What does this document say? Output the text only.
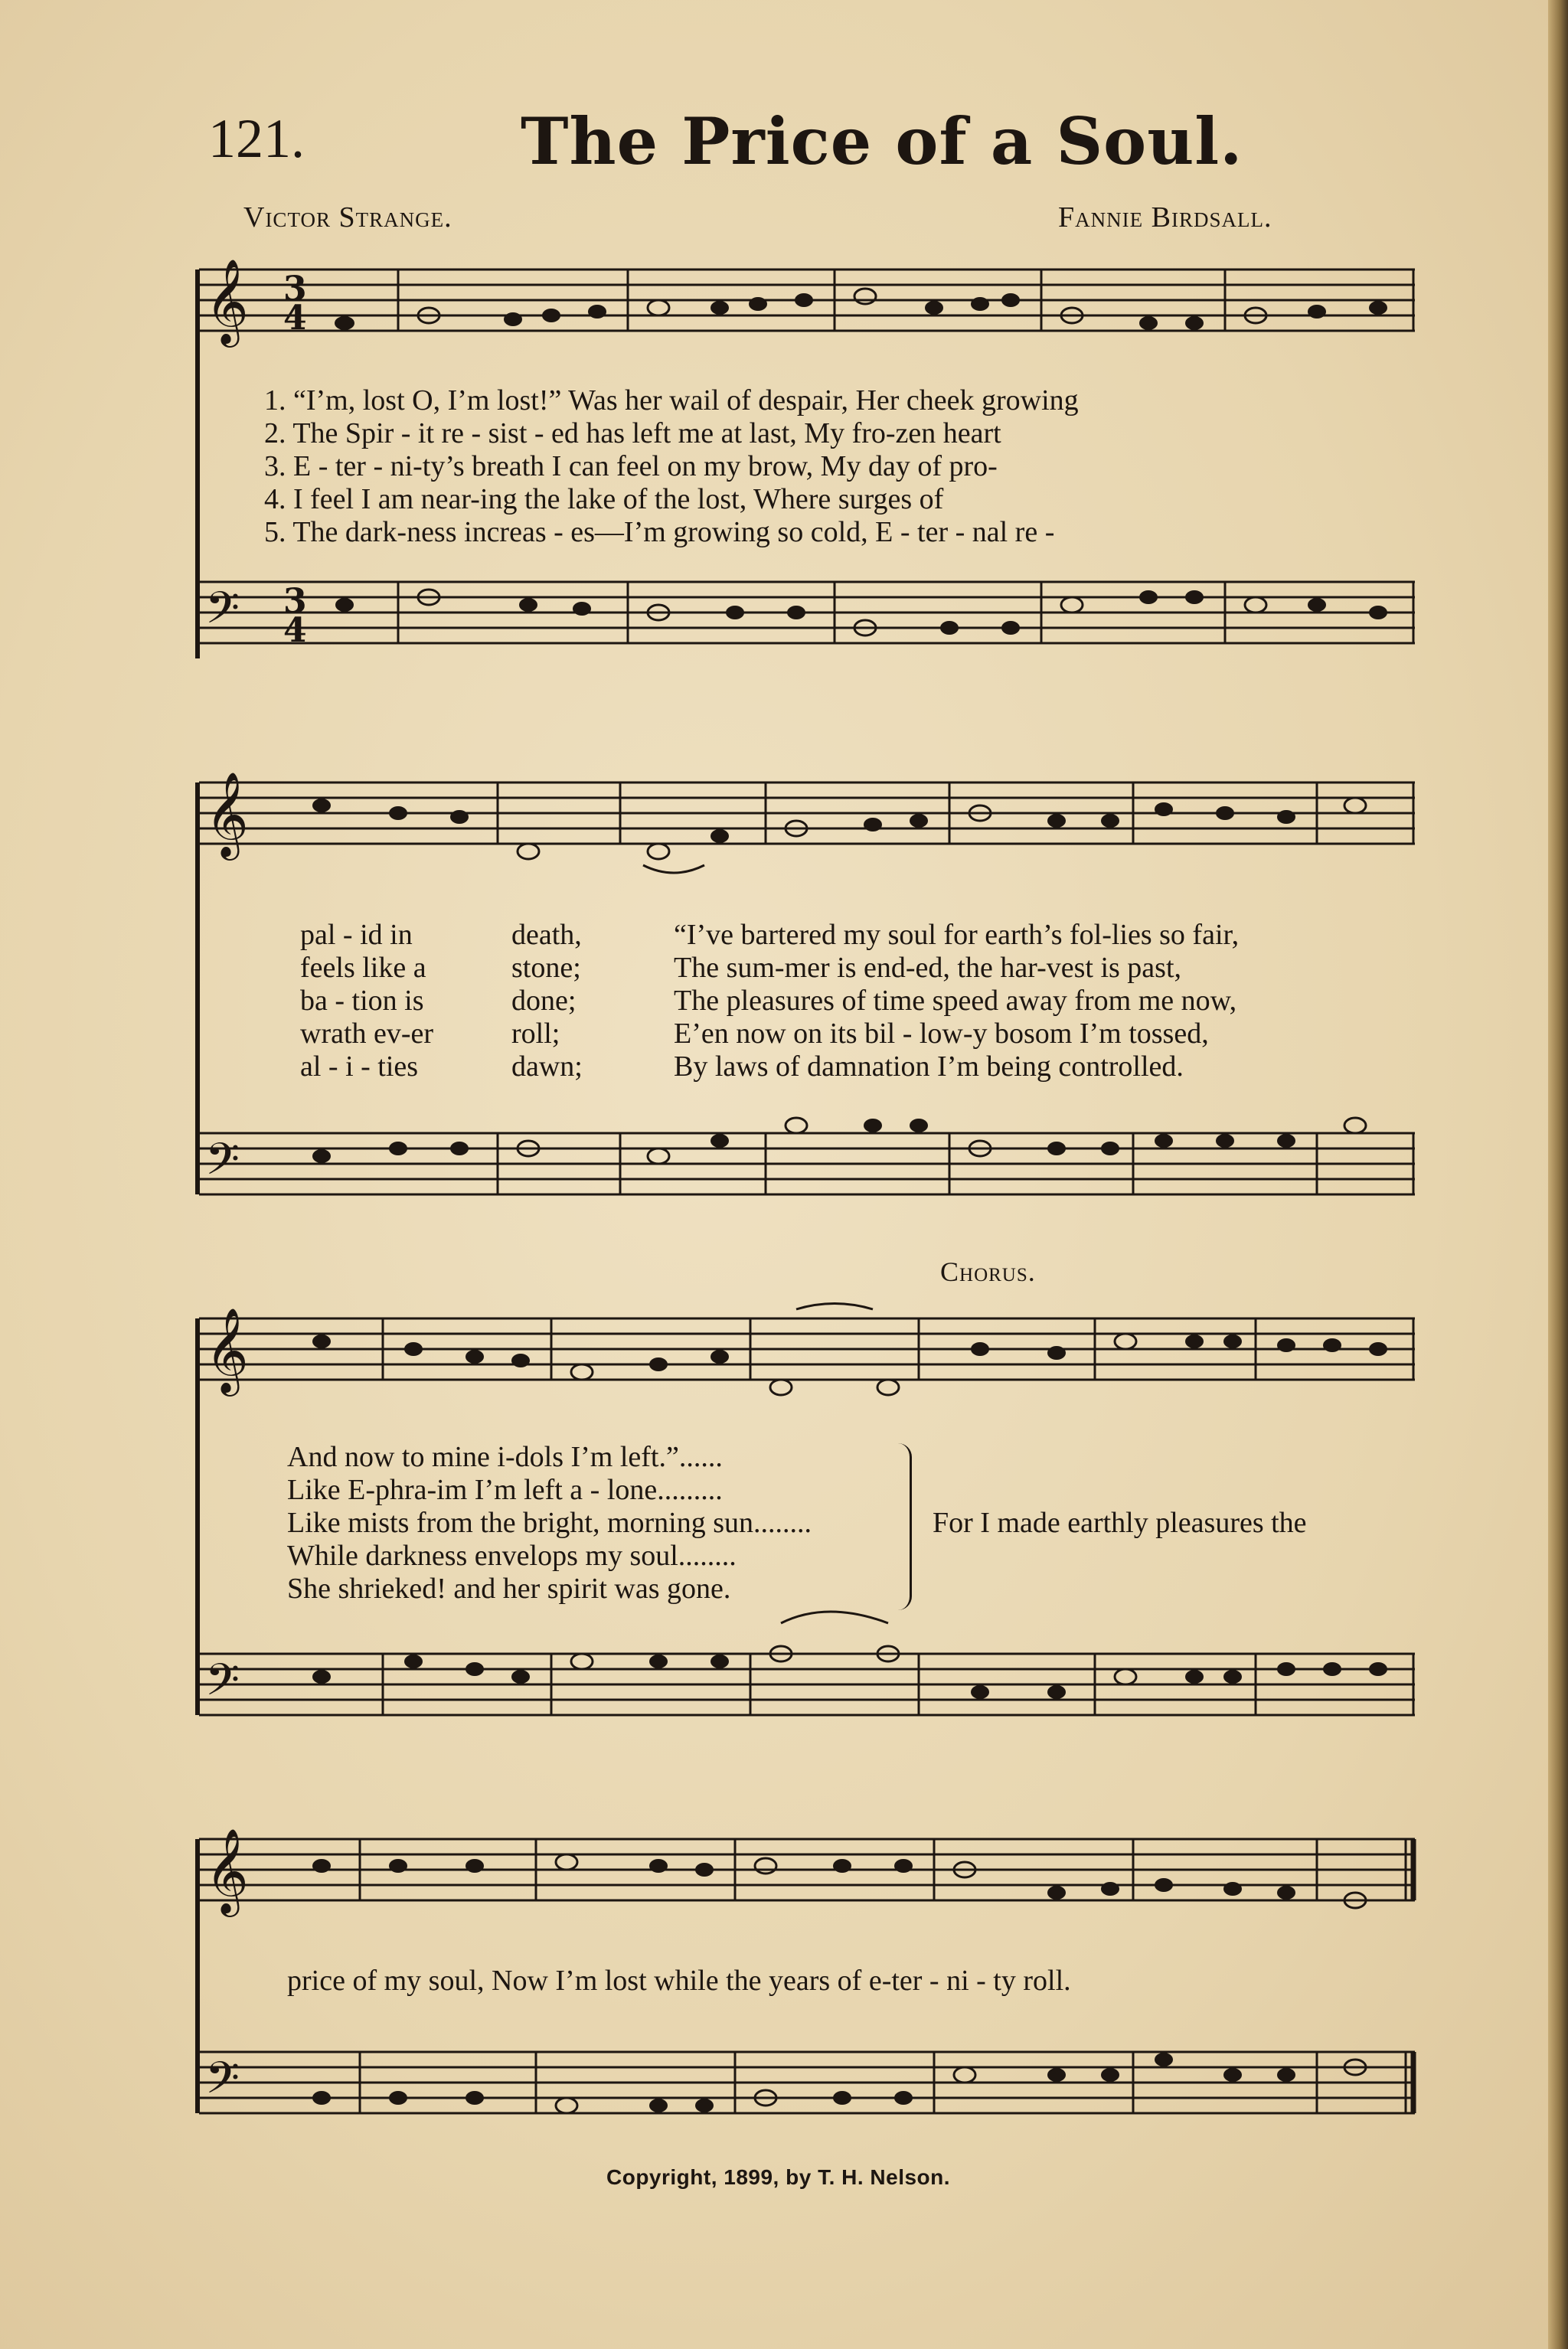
121.	The Price of a Soul.
Victor Strange.	Fannie Birdsall.
𝄞 3
4
𝄢 3
4
1. “I’m, lost O, I’m lost!” Was her wail of despair, Her cheek growing
2. The Spir - it re - sist - ed has left me at last, My fro-zen heart
3. E - ter - ni-ty’s breath I can feel on my brow, My day of pro-
4. I feel I am near-ing the lake of the lost, Where surges of
5. The dark-ness increas - es—I’m growing so cold, E - ter - nal re -
𝄞
𝄢
pal - id in
feels like a
ba - tion is
wrath ev-er
al - i - ties
death,
stone;
done;
roll;
dawn;
“I’ve bartered my soul for earth’s fol-lies so fair,
The sum-mer is end-ed, the har-vest is past,
The pleasures of time speed away from me now,
E’en now on its bil - low-y bosom I’m tossed,
By laws of damnation I’m being controlled.
Chorus.
𝄞
𝄢
And now to mine i-dols I’m left.”......
Like E-phra-im I’m left a - lone.........
Like mists from the bright, morning sun........
While darkness envelops my soul........
She shrieked! and her spirit was gone.
For I made earthly pleasures the
𝄞
𝄢
price of my soul, Now I’m lost while the years of e-ter - ni - ty roll.
Copyright, 1899, by T. H. Nelson.
